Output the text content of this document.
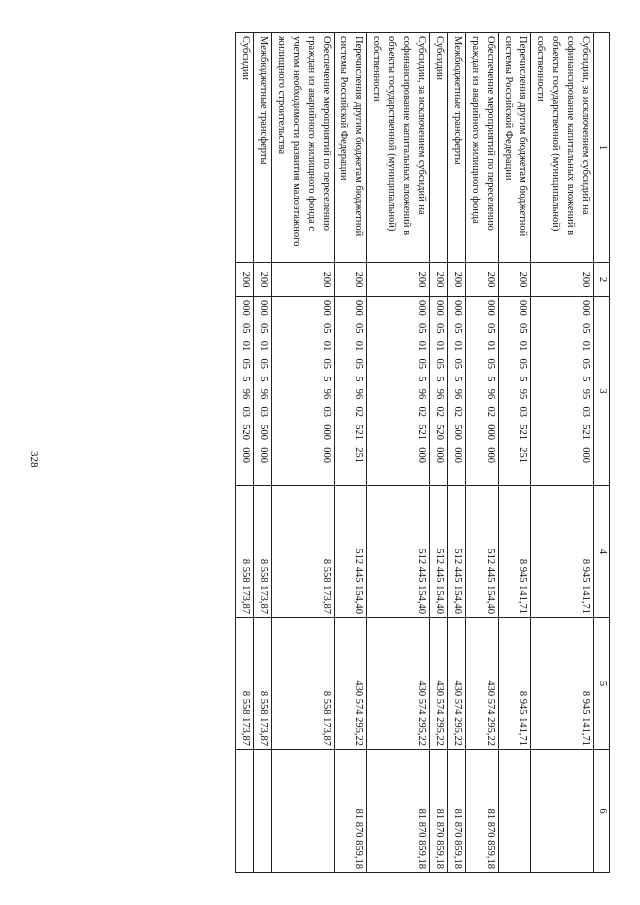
328
1	2	3	4	5	6
Субсидии, за исключением субсидий на софинансирование капитальных вложений в объекты государственной (муниципальной) собственности	200	000  05  01  05  5  95  03  521  000	8 945 141,71	8 945 141,71	
Перечисления другим бюджетам бюджетной системы Российской Федерации	200	000  05  01  05  5  95  03  521  251	8 945 141,71	8 945 141,71	
Обеспечение мероприятий по переселению граждан из аварийного жилищного фонда	200	000  05  01  05  5  96  02  000  000	512 445 154,40	430 574 295,22	81 870 859,18
Межбюджетные трансферты	200	000  05  01  05  5  96  02  500  000	512 445 154,40	430 574 295,22	81 870 859,18
Субсидии	200	000  05  01  05  5  96  02  520  000	512 445 154,40	430 574 295,22	81 870 859,18
Субсидии, за исключением субсидий на софинансирование капитальных вложений в объекты государственной (муниципальной) собственности	200	000  05  01  05  5  96  02  521  000	512 445 154,40	430 574 295,22	81 870 859,18
Перечисления другим бюджетам бюджетной системы Российской Федерации	200	000  05  01  05  5  96  02  521  251	512 445 154,40	430 574 295,22	81 870 859,18
Обеспечение мероприятий по переселению граждан из аварийного жилищного фонда с учетом необходимости развития малоэтажного жилищного строительства	200	000  05  01  05  5  96  03  000  000	8 558 173,87	8 558 173,87	
Межбюджетные трансферты	200	000  05  01  05  5  96  03  500  000	8 558 173,87	8 558 173,87	
Субсидии	200	000  05  01  05  5  96  03  520  000	8 558 173,87	8 558 173,87	
